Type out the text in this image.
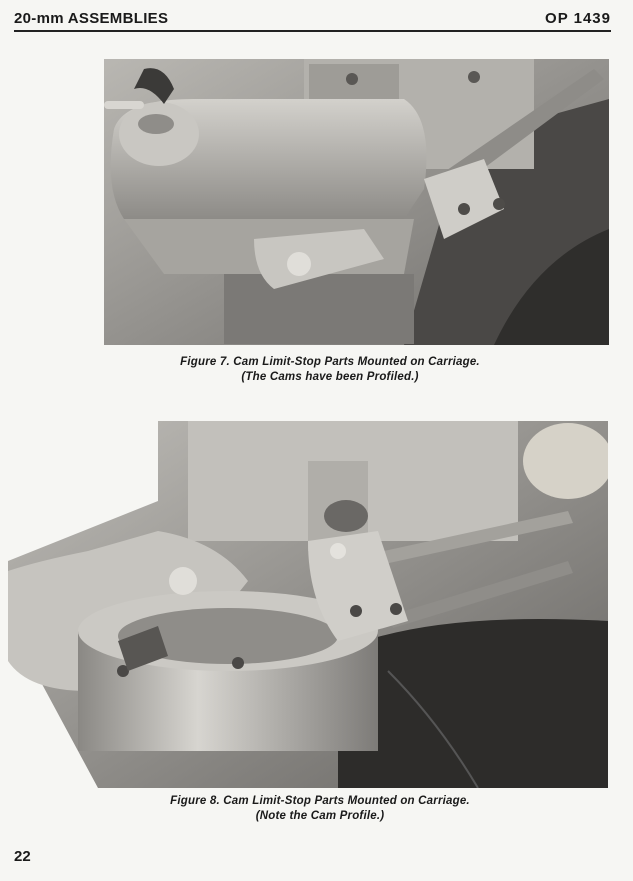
20-mm ASSEMBLIES	OP 1439
Figure 7. Cam Limit-Stop Parts Mounted on Carriage.
(The Cams have been Profiled.)
Figure 8. Cam Limit-Stop Parts Mounted on Carriage.
(Note the Cam Profile.)
22
